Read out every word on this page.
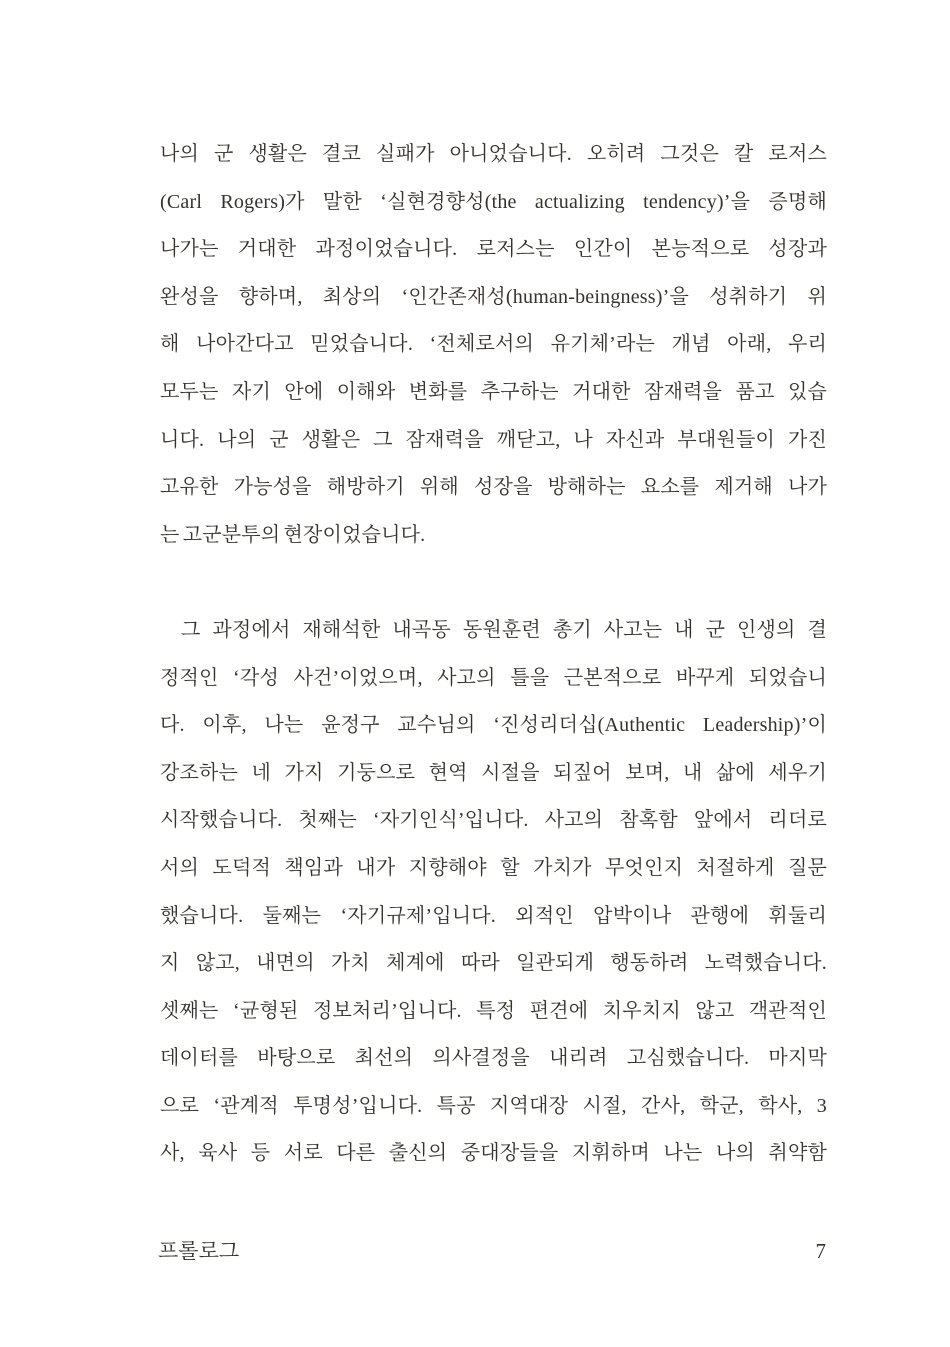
나의 군 생활은 결코 실패가 아니었습니다. 오히려 그것은 칼 로저스
(Carl Rogers)가 말한 ‘실현경향성(the actualizing tendency)’을 증명해
나가는 거대한 과정이었습니다. 로저스는 인간이 본능적으로 성장과
완성을 향하며, 최상의 ‘인간존재성(human-beingness)’을 성취하기 위
해 나아간다고 믿었습니다. ‘전체로서의 유기체’라는 개념 아래, 우리
모두는 자기 안에 이해와 변화를 추구하는 거대한 잠재력을 품고 있습
니다. 나의 군 생활은 그 잠재력을 깨닫고, 나 자신과 부대원들이 가진
고유한 가능성을 해방하기 위해 성장을 방해하는 요소를 제거해 나가
는 고군분투의 현장이었습니다.
그 과정에서 재해석한 내곡동 동원훈련 총기 사고는 내 군 인생의 결
정적인 ‘각성 사건’이었으며, 사고의 틀을 근본적으로 바꾸게 되었습니
다. 이후, 나는 윤정구 교수님의 ‘진성리더십(Authentic Leadership)’이
강조하는 네 가지 기둥으로 현역 시절을 되짚어 보며, 내 삶에 세우기
시작했습니다. 첫째는 ‘자기인식’입니다. 사고의 참혹함 앞에서 리더로
서의 도덕적 책임과 내가 지향해야 할 가치가 무엇인지 처절하게 질문
했습니다. 둘째는 ‘자기규제’입니다. 외적인 압박이나 관행에 휘둘리
지 않고, 내면의 가치 체계에 따라 일관되게 행동하려 노력했습니다.
셋째는 ‘균형된 정보처리’입니다. 특정 편견에 치우치지 않고 객관적인
데이터를 바탕으로 최선의 의사결정을 내리려 고심했습니다. 마지막
으로 ‘관계적 투명성’입니다. 특공 지역대장 시절, 간사, 학군, 학사, 3
사, 육사 등 서로 다른 출신의 중대장들을 지휘하며 나는 나의 취약함
프롤로그	7
